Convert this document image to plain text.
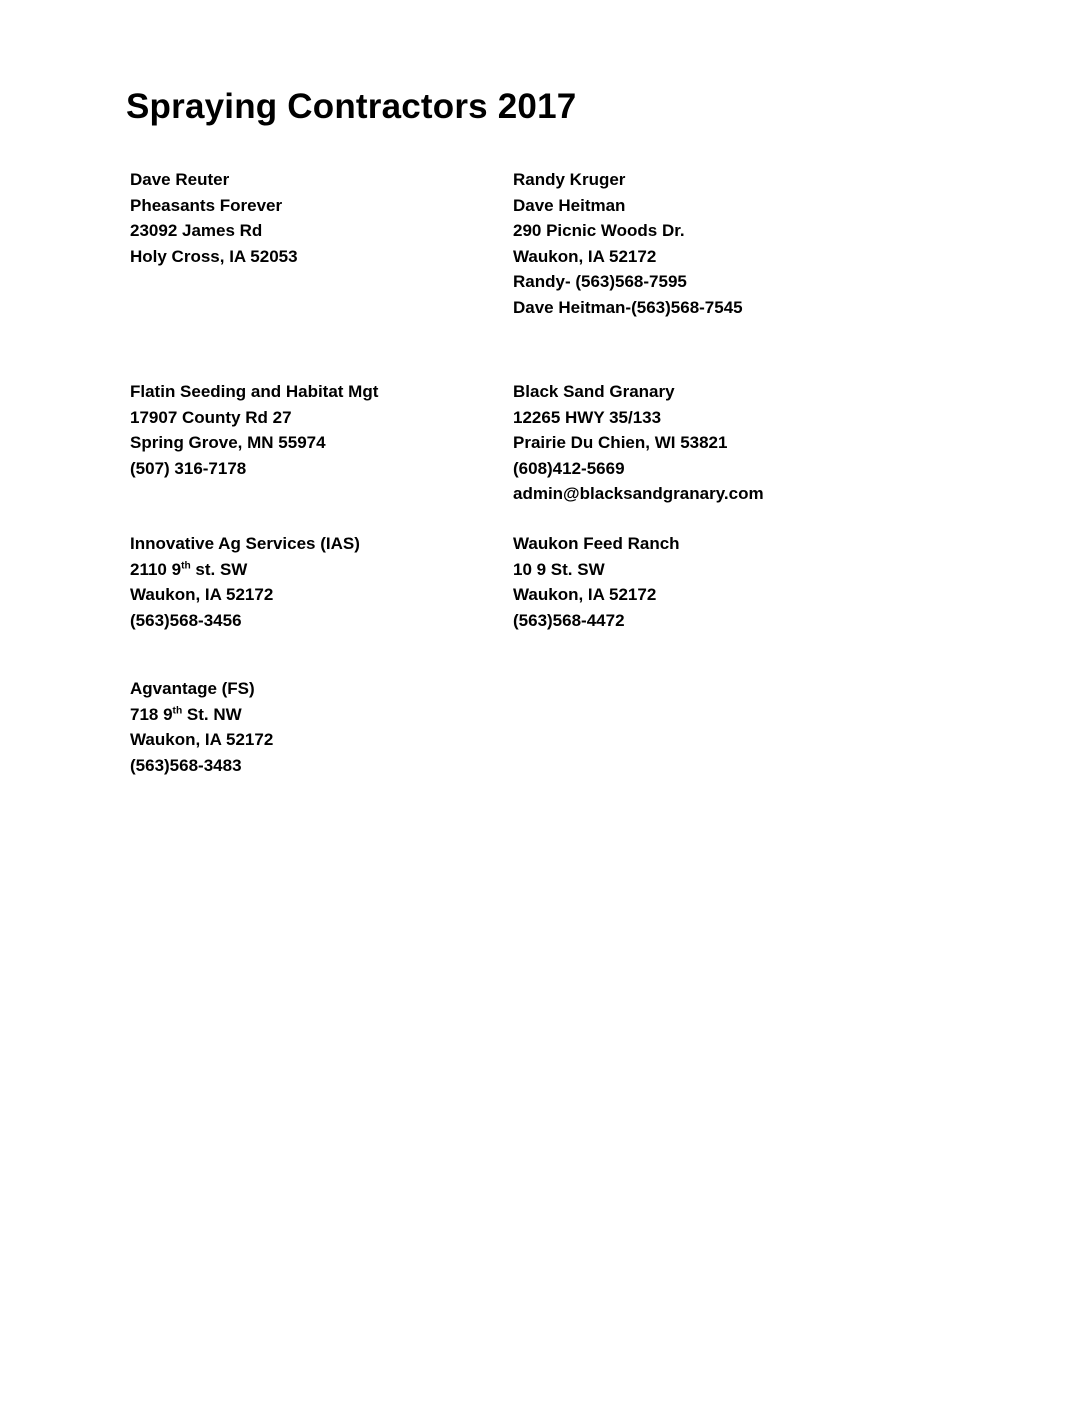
Spraying Contractors 2017
Dave Reuter
Pheasants Forever
23092 James Rd
Holy Cross, IA 52053
Randy Kruger
Dave Heitman
290 Picnic Woods Dr.
Waukon, IA 52172
Randy- (563)568-7595
Dave Heitman-(563)568-7545
Flatin Seeding and Habitat Mgt
17907 County Rd 27
Spring Grove, MN 55974
(507) 316-7178
Black Sand Granary
12265 HWY 35/133
Prairie Du Chien, WI 53821
(608)412-5669
admin@blacksandgranary.com
Innovative Ag Services (IAS)
2110 9th st. SW
Waukon, IA 52172
(563)568-3456
Waukon Feed Ranch
10 9 St. SW
Waukon, IA 52172
(563)568-4472
Agvantage (FS)
718 9th St. NW
Waukon, IA 52172
(563)568-3483
